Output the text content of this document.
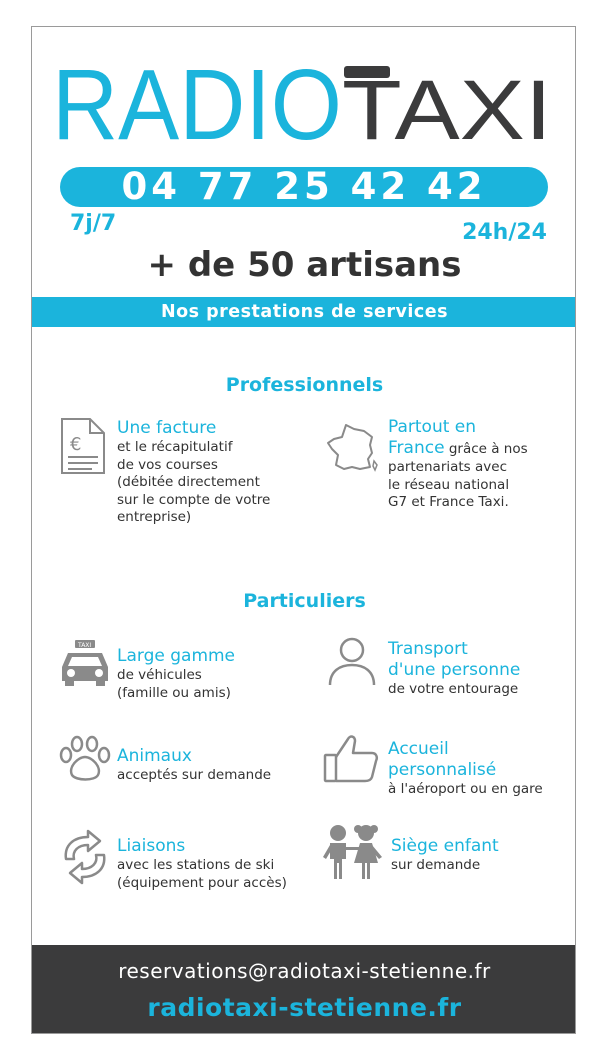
RADIO TAXI
04 77 25 42 42
7j/7	24h/24
+ de 50 artisans
Nos prestations de services
Professionnels
€
Une facture
et le récapitulatif
de vos courses
(débitée directement
sur le compte de votre
entreprise)
Partout en
France grâce à nos
partenariats avec
le réseau national
G7 et France Taxi.
Particuliers
TAXI
Large gamme
de véhicules
(famille ou amis)
Transport
d'une personne
de votre entourage
Animaux
acceptés sur demande
Accueil
personnalisé
à l'aéroport ou en gare
Liaisons
avec les stations de ski
(équipement pour accès)
Siège enfant
sur demande
reservations@radiotaxi-stetienne.fr
radiotaxi-stetienne.fr
